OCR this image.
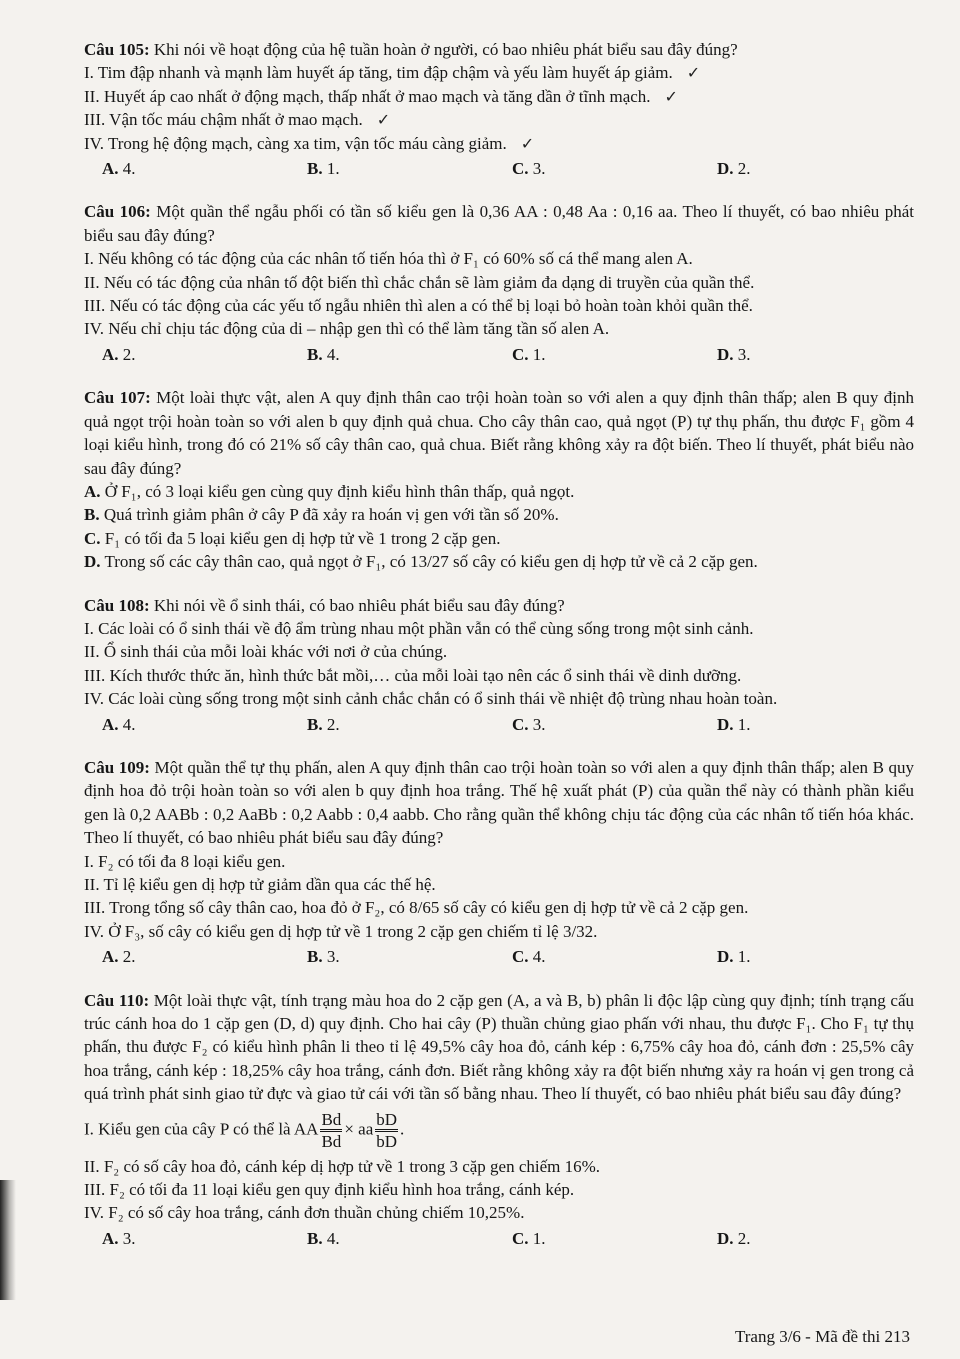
Câu 105: Khi nói về hoạt động của hệ tuần hoàn ở người, có bao nhiêu phát biểu sau đây đúng?

I. Tim đập nhanh và mạnh làm huyết áp tăng, tim đập chậm và yếu làm huyết áp giảm. ✓

II. Huyết áp cao nhất ở động mạch, thấp nhất ở mao mạch và tăng dần ở tĩnh mạch. ✓

III. Vận tốc máu chậm nhất ở mao mạch. ✓

IV. Trong hệ động mạch, càng xa tim, vận tốc máu càng giảm. ✓

A. 4.	B. 1.	C. 3.	D. 2.

Câu 106: Một quần thể ngẫu phối có tần số kiểu gen là 0,36 AA : 0,48 Aa : 0,16 aa. Theo lí thuyết, có bao nhiêu phát biểu sau đây đúng?

I. Nếu không có tác động của các nhân tố tiến hóa thì ở F₁ có 60% số cá thể mang alen A.

II. Nếu có tác động của nhân tố đột biến thì chắc chắn sẽ làm giảm đa dạng di truyền của quần thể.

III. Nếu có tác động của các yếu tố ngẫu nhiên thì alen a có thể bị loại bỏ hoàn toàn khỏi quần thể.

IV. Nếu chỉ chịu tác động của di – nhập gen thì có thể làm tăng tần số alen A.

A. 2.	B. 4.	C. 1.	D. 3.

Câu 107: Một loài thực vật, alen A quy định thân cao trội hoàn toàn so với alen a quy định thân thấp; alen B quy định quả ngọt trội hoàn toàn so với alen b quy định quả chua. Cho cây thân cao, quả ngọt (P) tự thụ phấn, thu được F₁ gồm 4 loại kiểu hình, trong đó có 21% số cây thân cao, quả chua. Biết rằng không xảy ra đột biến. Theo lí thuyết, phát biểu nào sau đây đúng?

A. Ở F₁, có 3 loại kiểu gen cùng quy định kiểu hình thân thấp, quả ngọt.

B. Quá trình giảm phân ở cây P đã xảy ra hoán vị gen với tần số 20%.

C. F₁ có tối đa 5 loại kiểu gen dị hợp tử về 1 trong 2 cặp gen.

D. Trong số các cây thân cao, quả ngọt ở F₁, có 13/27 số cây có kiểu gen dị hợp tử về cả 2 cặp gen.

Câu 108: Khi nói về ổ sinh thái, có bao nhiêu phát biểu sau đây đúng?

I. Các loài có ổ sinh thái về độ ẩm trùng nhau một phần vẫn có thể cùng sống trong một sinh cảnh.

II. Ổ sinh thái của mỗi loài khác với nơi ở của chúng.

III. Kích thước thức ăn, hình thức bắt mồi,… của mỗi loài tạo nên các ổ sinh thái về dinh dưỡng.

IV. Các loài cùng sống trong một sinh cảnh chắc chắn có ổ sinh thái về nhiệt độ trùng nhau hoàn toàn.

A. 4.	B. 2.	C. 3.	D. 1.

Câu 109: Một quần thể tự thụ phấn, alen A quy định thân cao trội hoàn toàn so với alen a quy định thân thấp; alen B quy định hoa đỏ trội hoàn toàn so với alen b quy định hoa trắng. Thế hệ xuất phát (P) của quần thể này có thành phần kiểu gen là 0,2 AABb : 0,2 AaBb : 0,2 Aabb : 0,4 aabb. Cho rằng quần thể không chịu tác động của các nhân tố tiến hóa khác. Theo lí thuyết, có bao nhiêu phát biểu sau đây đúng?

I. F₂ có tối đa 8 loại kiểu gen.

II. Tỉ lệ kiểu gen dị hợp tử giảm dần qua các thế hệ.

III. Trong tổng số cây thân cao, hoa đỏ ở F₂, có 8/65 số cây có kiểu gen dị hợp tử về cả 2 cặp gen.

IV. Ở F₃, số cây có kiểu gen dị hợp tử về 1 trong 2 cặp gen chiếm tỉ lệ 3/32.

A. 2.	B. 3.	C. 4.	D. 1.

Câu 110: Một loài thực vật, tính trạng màu hoa do 2 cặp gen (A, a và B, b) phân li độc lập cùng quy định; tính trạng cấu trúc cánh hoa do 1 cặp gen (D, d) quy định. Cho hai cây (P) thuần chủng giao phấn với nhau, thu được F₁. Cho F₁ tự thụ phấn, thu được F₂ có kiểu hình phân li theo tỉ lệ 49,5% cây hoa đỏ, cánh kép : 6,75% cây hoa đỏ, cánh đơn : 25,5% cây hoa trắng, cánh kép : 18,25% cây hoa trắng, cánh đơn. Biết rằng không xảy ra đột biến nhưng xảy ra hoán vị gen trong cả quá trình phát sinh giao tử đực và giao tử cái với tần số bằng nhau. Theo lí thuyết, có bao nhiêu phát biểu sau đây đúng?

I. Kiểu gen của cây P có thể là AA $\frac{Bd}{Bd}$ × aa $\frac{bD}{bD}$ .

II. F₂ có số cây hoa đỏ, cánh kép dị hợp tử về 1 trong 3 cặp gen chiếm 16%.

III. F₂ có tối đa 11 loại kiểu gen quy định kiểu hình hoa trắng, cánh kép.

IV. F₂ có số cây hoa trắng, cánh đơn thuần chủng chiếm 10,25%.

A. 3.	B. 4.	C. 1.	D. 2.
Trang 3/6 - Mã đề thi 213
